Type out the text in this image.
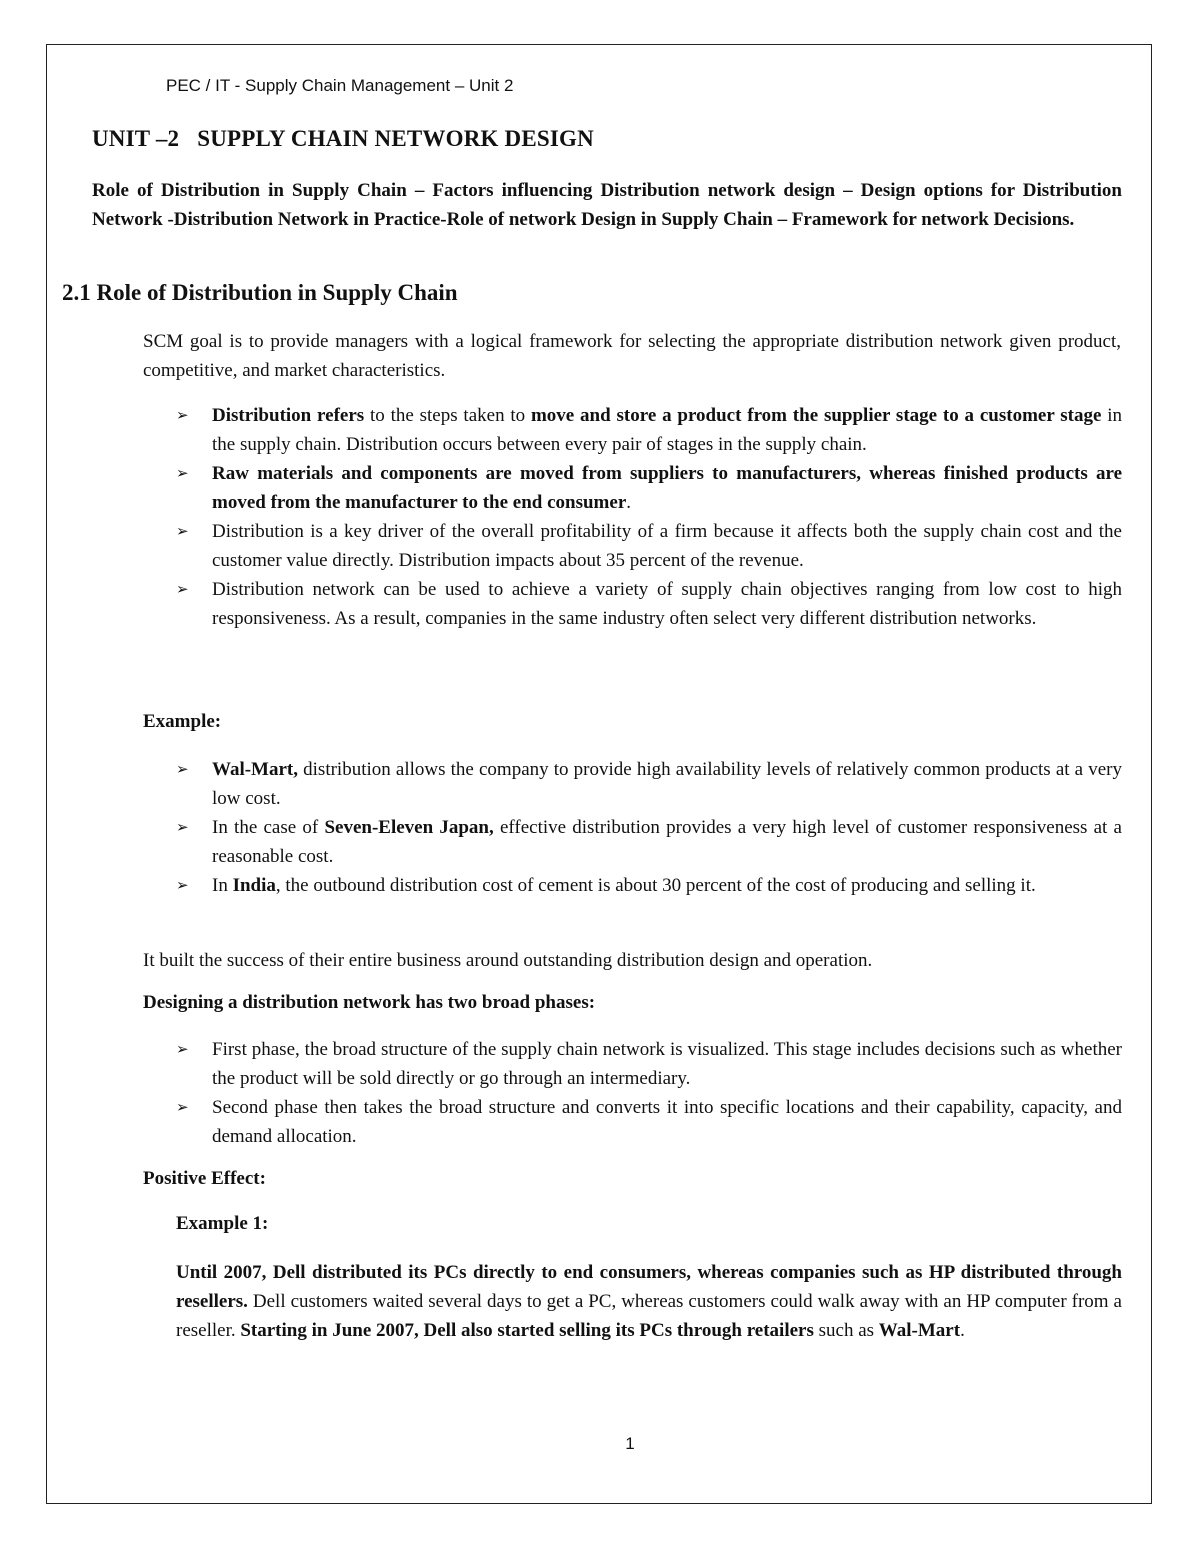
PEC / IT - Supply Chain Management – Unit 2
UNIT –2 SUPPLY CHAIN NETWORK DESIGN

Role of Distribution in Supply Chain – Factors influencing Distribution network design – Design options for Distribution Network -Distribution Network in Practice-Role of network Design in Supply Chain – Framework for network Decisions.

2.1 Role of Distribution in Supply Chain

SCM goal is to provide managers with a logical framework for selecting the appropriate distribution network given product, competitive, and market characteristics.

➢ Distribution refers to the steps taken to move and store a product from the supplier stage to a customer stage in the supply chain. Distribution occurs between every pair of stages in the supply chain.
➢ Raw materials and components are moved from suppliers to manufacturers, whereas finished products are moved from the manufacturer to the end consumer.
➢ Distribution is a key driver of the overall profitability of a firm because it affects both the supply chain cost and the customer value directly. Distribution impacts about 35 percent of the revenue.
➢ Distribution network can be used to achieve a variety of supply chain objectives ranging from low cost to high responsiveness. As a result, companies in the same industry often select very different distribution networks.

Example:

➢ Wal-Mart, distribution allows the company to provide high availability levels of relatively common products at a very low cost.
➢ In the case of Seven-Eleven Japan, effective distribution provides a very high level of customer responsiveness at a reasonable cost.
➢ In India, the outbound distribution cost of cement is about 30 percent of the cost of producing and selling it.

It built the success of their entire business around outstanding distribution design and operation.

Designing a distribution network has two broad phases:

➢ First phase, the broad structure of the supply chain network is visualized. This stage includes decisions such as whether the product will be sold directly or go through an intermediary.
➢ Second phase then takes the broad structure and converts it into specific locations and their capability, capacity, and demand allocation.

Positive Effect:

Example 1:

Until 2007, Dell distributed its PCs directly to end consumers, whereas companies such as HP distributed through resellers. Dell customers waited several days to get a PC, whereas customers could walk away with an HP computer from a reseller. Starting in June 2007, Dell also started selling its PCs through retailers such as Wal-Mart.

1
